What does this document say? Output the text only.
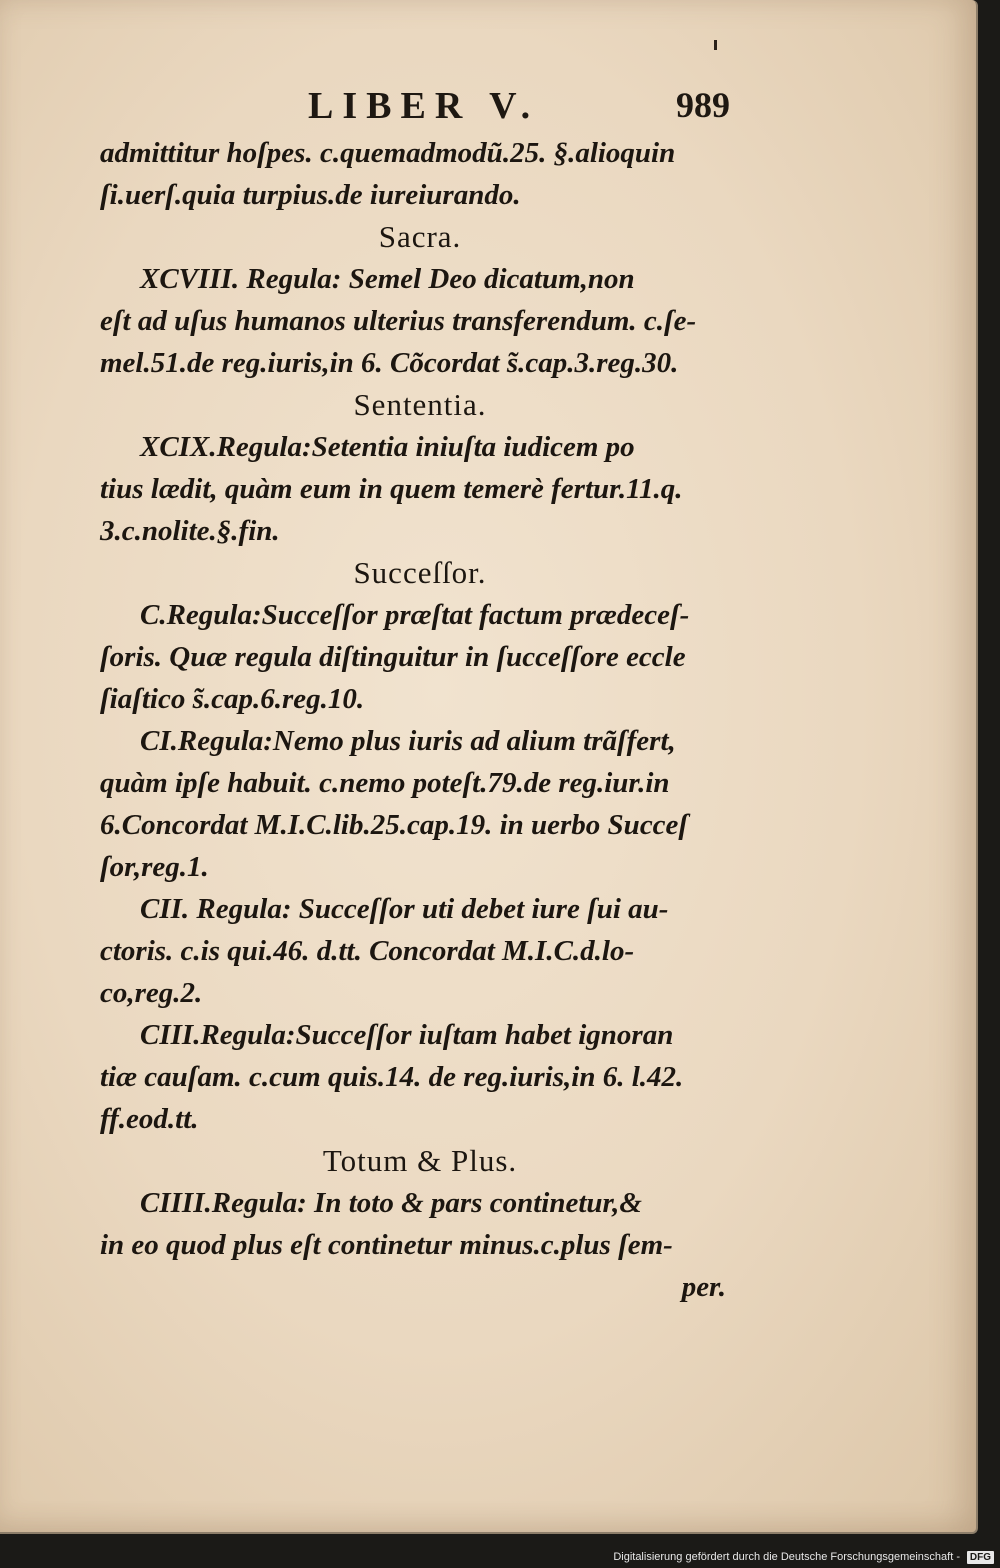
LIBER V.	989
admittitur hoſpes. c.quemadmodũ.25. §.alioquin
ſi.uerſ.quia turpius.de iureiurando.
Sacra.
XCVIII. Regula: Semel Deo dicatum,non
eſt ad uſus humanos ulterius transferendum. c.ſe-
mel.51.de reg.iuris,in 6. Cõcordat s̃.cap.3.reg.30.
Sententia.
XCIX.Regula:Setentia iniuſta iudicem po
tius lædit, quàm eum in quem temerè fertur.11.q.
3.c.nolite.§.fin.
Succeſſor.
C.Regula:Succeſſor præſtat factum prædeceſ-
ſoris. Quæ regula diſtinguitur in ſucceſſore eccle
ſiaſtico s̃.cap.6.reg.10.
CI.Regula:Nemo plus iuris ad alium trãſfert,
quàm ipſe habuit. c.nemo poteſt.79.de reg.iur.in
6.Concordat M.I.C.lib.25.cap.19. in uerbo Succeſ
ſor,reg.1.
CII. Regula: Succeſſor uti debet iure ſui au-
ctoris. c.is qui.46. d.tt. Concordat M.I.C.d.lo-
co,reg.2.
CIII.Regula:Succeſſor iuſtam habet ignoran
tiæ cauſam. c.cum quis.14. de reg.iuris,in 6. l.42.
ff.eod.tt.
Totum & Plus.
CIIII.Regula: In toto & pars continetur,&
in eo quod plus eſt continetur minus.c.plus ſem-
per.
Digitalisierung gefördert durch die Deutsche Forschungsgemeinschaft - DFG
